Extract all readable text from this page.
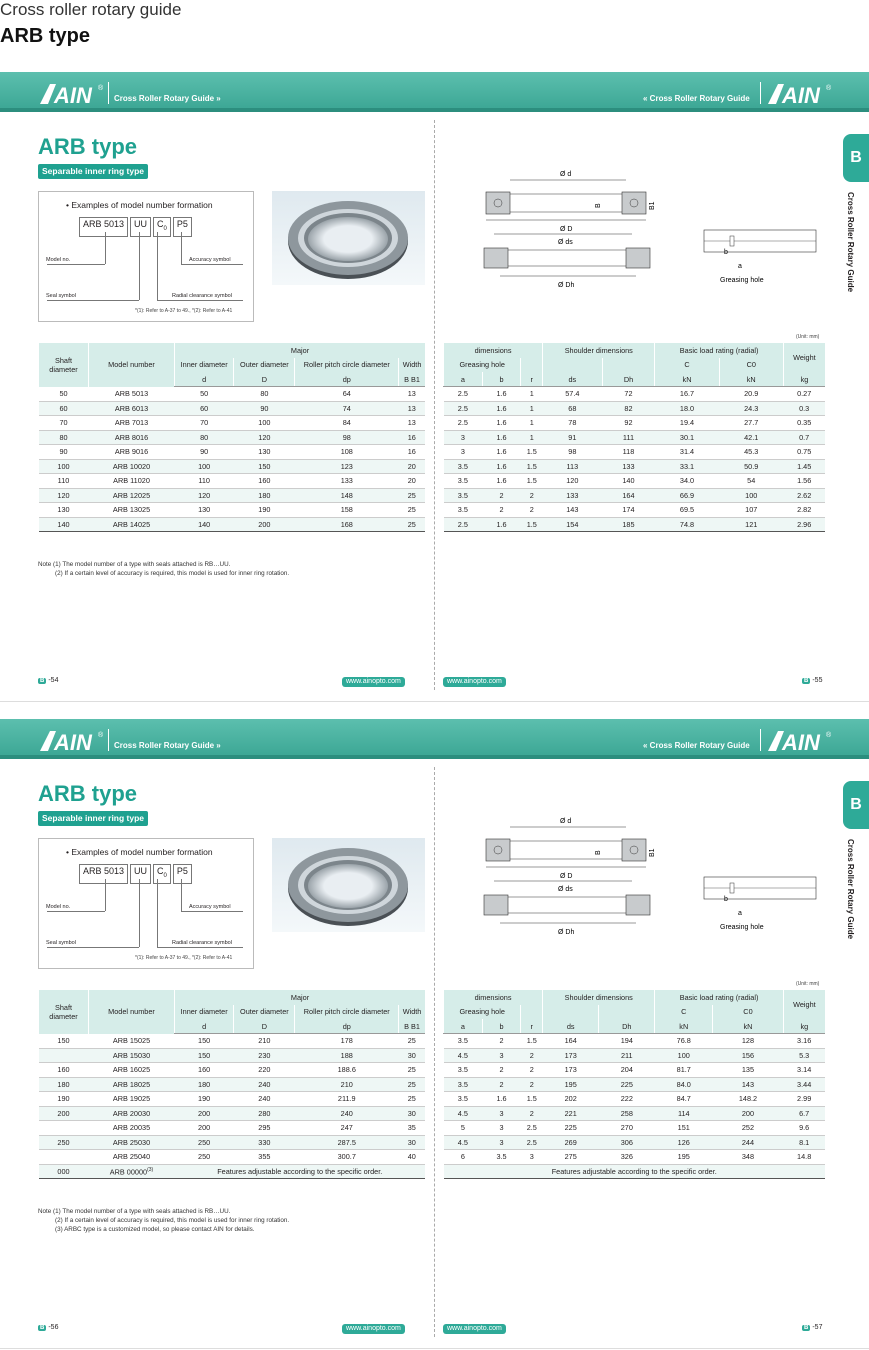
Cross roller rotary guide
ARB type
AIN ®
Cross Roller Rotary Guide »	« Cross Roller Rotary Guide AIN ®
ARB type
Separable inner ring type
• Examples of model number formation
ARB 5013	UU	$C_0$	P5
Model no.
Seal symbol
Accuracy symbol
Radial clearance symbol
*(1): Refer to A-37 to 49., *(2): Refer to A-41
B
Cross Roller Rotary Guide
Ø d
Ø D
Ø ds
Ø Dh
B	B1
b
a
Greasing hole
(Unit: mm)
Shaft diameter	Model number	Major			
		Inner diameter	Outer diameter	Roller pitch circle diameter	Width
		d	D	dp	B B1
50	ARB 5013	50	80	64	13
60	ARB 6013	60	90	74	13
70	ARB 7013	70	100	84	13
80	ARB 8016	80	120	98	16
90	ARB 9016	90	130	108	16
100	ARB 10020	100	150	123	20
110	ARB 11020	110	160	133	20
120	ARB 12025	120	180	148	25
130	ARB 13025	130	190	158	25
140	ARB 14025	140	200	168	25
dimensions			Shoulder dimensions		Basic load rating (radial)		Weight
Greasing hole					C	C0	
a	b	r	ds	Dh	kN	kN	kg
2.5	1.6	1	57.4	72	16.7	20.9	0.27
2.5	1.6	1	68	82	18.0	24.3	0.3
2.5	1.6	1	78	92	19.4	27.7	0.35
3	1.6	1	91	111	30.1	42.1	0.7
3	1.6	1.5	98	118	31.4	45.3	0.75
3.5	1.6	1.5	113	133	33.1	50.9	1.45
3.5	1.6	1.5	120	140	34.0	54	1.56
3.5	2	2	133	164	66.9	100	2.62
3.5	2	2	143	174	69.5	107	2.82
2.5	1.6	1.5	154	185	74.8	121	2.96
Note (1) The model number of a type with seals attached is RB…UU.
(2) If a certain level of accuracy is required, this model is used for inner ring rotation.
B -54	www.ainopto.com	www.ainopto.com	B -55
AIN ®
Cross Roller Rotary Guide »	« Cross Roller Rotary Guide AIN ®
ARB type
Separable inner ring type
• Examples of model number formation
ARB 5013	UU	$C_0$	P5
Model no.
Seal symbol
Accuracy symbol
Radial clearance symbol
*(1): Refer to A-37 to 49., *(2): Refer to A-41
B
Cross Roller Rotary Guide
Ø d
Ø D
Ø ds
Ø Dh
B	B1
b
a
Greasing hole
(Unit: mm)
Shaft diameter	Model number	Major			
		Inner diameter	Outer diameter	Roller pitch circle diameter	Width
		d	D	dp	B B1
150	ARB 15025	150	210	178	25
	ARB 15030	150	230	188	30
160	ARB 16025	160	220	188.6	25
180	ARB 18025	180	240	210	25
190	ARB 19025	190	240	211.9	25
200	ARB 20030	200	280	240	30
	ARB 20035	200	295	247	35
250	ARB 25030	250	330	287.5	30
	ARB 25040	250	355	300.7	40
000	ARB 00000$^{(3)}$	Features adjustable according to the specific order.			
dimensions			Shoulder dimensions		Basic load rating (radial)		Weight
Greasing hole					C	C0	
a	b	r	ds	Dh	kN	kN	kg
3.5	2	1.5	164	194	76.8	128	3.16
4.5	3	2	173	211	100	156	5.3
3.5	2	2	173	204	81.7	135	3.14
3.5	2	2	195	225	84.0	143	3.44
3.5	1.6	1.5	202	222	84.7	148.2	2.99
4.5	3	2	221	258	114	200	6.7
5	3	2.5	225	270	151	252	9.6
4.5	3	2.5	269	306	126	244	8.1
6	3.5	3	275	326	195	348	14.8
Features adjustable according to the specific order.							
Note (1) The model number of a type with seals attached is RB…UU.
(2) If a certain level of accuracy is required, this model is used for inner ring rotation.
(3) ARBC type is a customized model, so please contact AIN for details.
B -56	www.ainopto.com	www.ainopto.com	B -57
